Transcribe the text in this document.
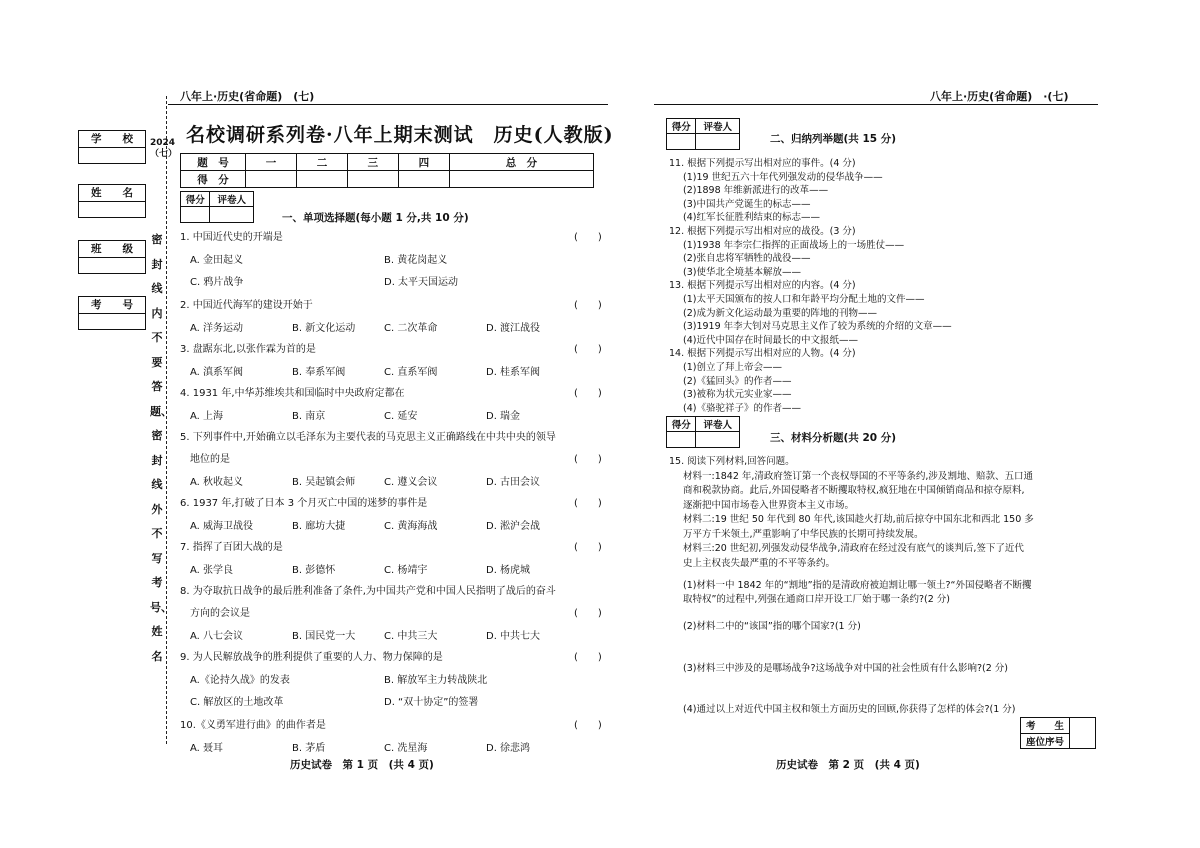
八年上·历史(省命题)　(七)
学　　校
姓　　名
班　　级
考　　号
2024（七）
密封线内不要答题、密封线外不写考号、姓名
名校调研系列卷·八年上期末测试　历史(人教版)
题　号	一	二	三	四	总　分
得　分					
得分	评卷人

一、单项选择题(每小题 1 分,共 10 分)
1. 中国近代史的开端是	(　　)
A. 金田起义	B. 黄花岗起义
C. 鸦片战争	D. 太平天国运动
2. 中国近代海军的建设开始于	(　　)
A. 洋务运动	B. 新文化运动	C. 二次革命	D. 渡江战役
3. 盘踞东北,以张作霖为首的是	(　　)
A. 滇系军阀	B. 奉系军阀	C. 直系军阀	D. 桂系军阀
4. 1931 年,中华苏维埃共和国临时中央政府定都在	(　　)
A. 上海	B. 南京	C. 延安	D. 瑞金
5. 下列事件中,开始确立以毛泽东为主要代表的马克思主义正确路线在中共中央的领导
地位的是	(　　)
A. 秋收起义	B. 吴起镇会师	C. 遵义会议	D. 古田会议
6. 1937 年,打破了日本 3 个月灭亡中国的迷梦的事件是	(　　)
A. 威海卫战役	B. 廊坊大捷	C. 黄海海战	D. 淞沪会战
7. 指挥了百团大战的是	(　　)
A. 张学良	B. 彭德怀	C. 杨靖宇	D. 杨虎城
8. 为夺取抗日战争的最后胜利准备了条件,为中国共产党和中国人民指明了战后的奋斗
方向的会议是	(　　)
A. 八七会议	B. 国民党一大	C. 中共三大	D. 中共七大
9. 为人民解放战争的胜利提供了重要的人力、物力保障的是	(　　)
A.《论持久战》的发表	B. 解放军主力转战陕北
C. 解放区的土地改革	D. “双十协定”的签署
10.《义勇军进行曲》的曲作者是	(　　)
A. 聂耳	B. 茅盾	C. 冼星海	D. 徐悲鸿
历史试卷　第 1 页　(共 4 页)
八年上·历史(省命题)　·(七)
得分	评卷人

二、归纳列举题(共 15 分)
11. 根据下列提示写出相对应的事件。(4 分)
(1)19 世纪五六十年代列强发动的侵华战争——
(2)1898 年维新派进行的改革——
(3)中国共产党诞生的标志——
(4)红军长征胜利结束的标志——
12. 根据下列提示写出相对应的战役。(3 分)
(1)1938 年李宗仁指挥的正面战场上的一场胜仗——
(2)张自忠将军牺牲的战役——
(3)使华北全境基本解放——
13. 根据下列提示写出相对应的内容。(4 分)
(1)太平天国颁布的按人口和年龄平均分配土地的文件——
(2)成为新文化运动最为重要的阵地的刊物——
(3)1919 年李大钊对马克思主义作了较为系统的介绍的文章——
(4)近代中国存在时间最长的中文报纸——
14. 根据下列提示写出相对应的人物。(4 分)
(1)创立了拜上帝会——
(2)《猛回头》的作者——
(3)被称为状元实业家——
(4)《骆驼祥子》的作者——
得分	评卷人

三、材料分析题(共 20 分)
15. 阅读下列材料,回答问题。
材料一:1842 年,清政府签订第一个丧权辱国的不平等条约,涉及割地、赔款、五口通
商和税款协商。此后,外国侵略者不断攫取特权,疯狂地在中国倾销商品和掠夺原料,
逐渐把中国市场卷入世界资本主义市场。
材料二:19 世纪 50 年代到 80 年代,该国趁火打劫,前后掠夺中国东北和西北 150 多
万平方千米领土,严重影响了中华民族的长期可持续发展。
材料三:20 世纪初,列强发动侵华战争,清政府在经过没有底气的谈判后,签下了近代
史上主权丧失最严重的不平等条约。
(1)材料一中 1842 年的“割地”指的是清政府被迫割让哪一领土?“外国侵略者不断攫
取特权”的过程中,列强在通商口岸开设工厂始于哪一条约?(2 分)
(2)材料二中的“该国”指的哪个国家?(1 分)
(3)材料三中涉及的是哪场战争?这场战争对中国的社会性质有什么影响?(2 分)
(4)通过以上对近代中国主权和领土方面历史的回顾,你获得了怎样的体会?(1 分)
考　　生	
座位序号
历史试卷　第 2 页　(共 4 页)
